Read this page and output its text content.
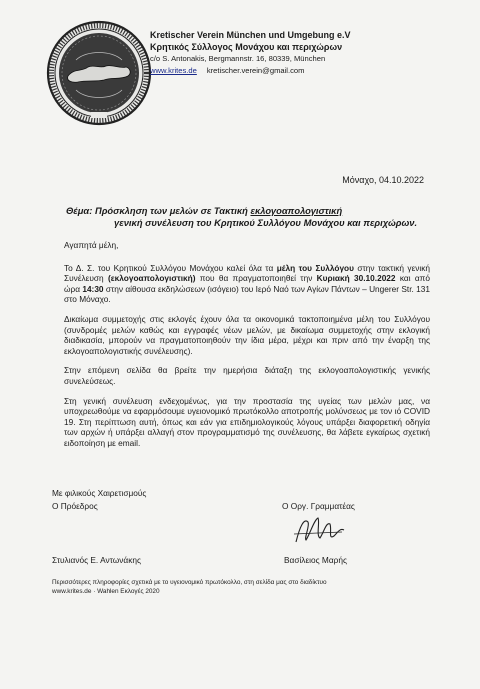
Kretischer Verein München und Umgebung e.V
Κρητικός Σύλλογος Μονάχου και περιχώρων
c/o S. Antonakis, Bergmannstr. 16, 80339, München
www.krites.de kretischer.verein@gmail.com
Μόναχο, 04.10.2022
Θέμα: Πρόσκληση των μελών σε Τακτική εκλογοαπολογιστική
γενική συνέλευση του Κρητικού Συλλόγου Μονάχου και περιχώρων.

Αγαπητά μέλη,

Το Δ. Σ. του Κρητικού Συλλόγου Μονάχου καλεί όλα τα μέλη του Συλλόγου στην τακτική γενική Συνέλευση (εκλογοαπολογιστική) που θα πραγματοποιηθεί την Κυριακή 30.10.2022 και από ώρα 14:30 στην αίθουσα εκδηλώσεων (ισόγειο) του Ιερό Ναό των Αγίων Πάντων – Ungerer Str. 131 στο Μόναχο.

Δικαίωμα συμμετοχής στις εκλογές έχουν όλα τα οικονομικά τακτοποιημένα μέλη του Συλλόγου (συνδρομές μελών καθώς και εγγραφές νέων μελών, με δικαίωμα συμμετοχής στην εκλογική διαδικασία, μπορούν να πραγματοποιηθούν την ίδια μέρα, μέχρι και πριν από την έναρξη της εκλογοαπολογιστικής συνέλευσης).

Στην επόμενη σελίδα θα βρείτε την ημερήσια διάταξη της εκλογοαπολογιστικής γενικής συνελεύσεως.

Στη γενική συνέλευση ενδεχομένως, για την προστασία της υγείας των μελών μας, να υποχρεωθούμε να εφαρμόσουμε υγειονομικό πρωτόκολλο αποτροπής μολύνσεως με τον ιό COVID 19. Στη περίπτωση αυτή, όπως και εάν για επιδημιολογικούς λόγους υπάρξει διαφορετική οδηγία των αρχών ή υπάρξει αλλαγή στον προγραμματισμό της συνέλευσης, θα λάβετε εγκαίρως σχετική ειδοποίηση με email.

Με φιλικούς Χαιρετισμούς
Ο Πρόεδρος	Ο Οργ. Γραμματέας
Στυλιανός Ε. Αντωνάκης	Βασίλειος Μαρής
Περισσότερες πληροφορίες σχετικά με το υγειονομικό πρωτόκολλο, στη σελίδα μας στο διαδίκτυο
www.krites.de · Wahlen Εκλογές 2020
